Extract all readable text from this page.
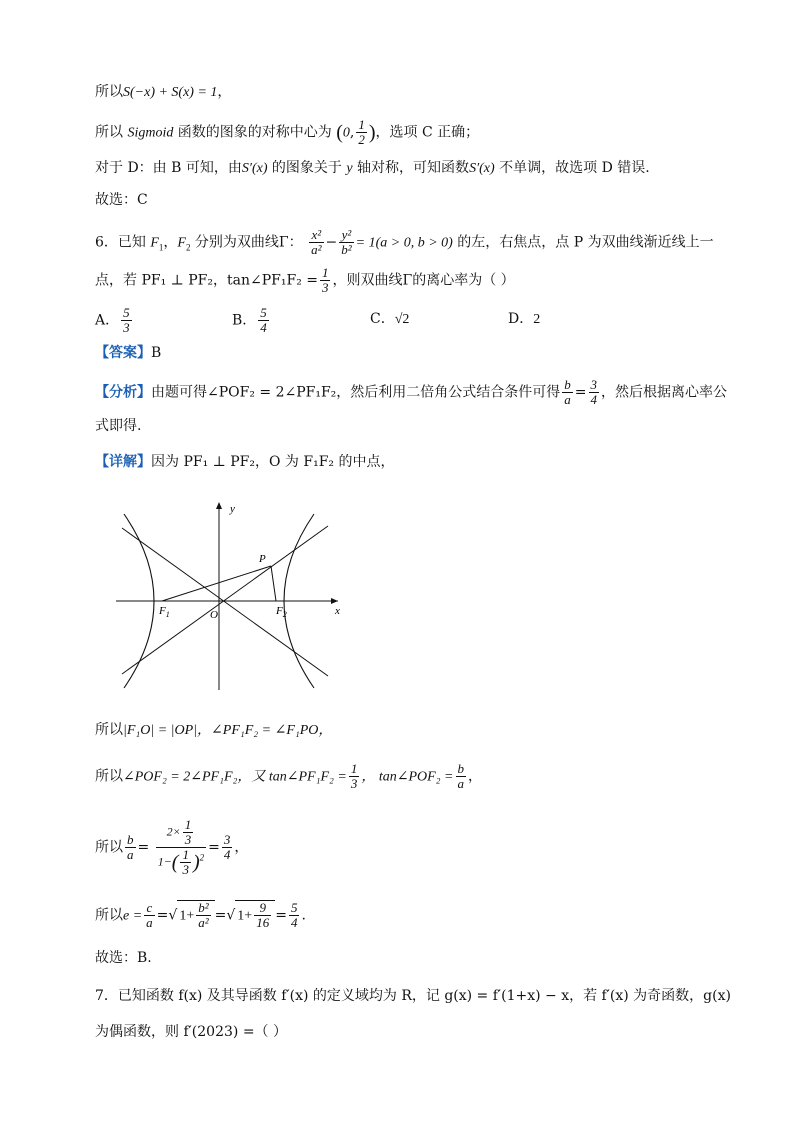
所以S(−x) + S(x) = 1，
所以 Sigmoid 函数的图象的对称中心为 (0, $\frac{1}{2}$ )，选项 C 正确；
对于 D：由 B 可知，由S′(x) 的图象关于 y 轴对称，可知函数S′(x) 不单调，故选项 D 错误.
故选：C
6．已知 $F_1$，$F_2$ 分别为双曲线Γ： $\frac{\text{x²}}{\text{a²}} - \frac{\text{y²}}{\text{b²}} = 1(a > 0$, b > 0) 的左，右焦点，点 P 为双曲线渐近线上一
点，若 PF₁ ⊥ PF₂，tan∠PF₁F₂ = $\frac{1}{3}$ ，则双曲线Γ的离心率为（ ）
A． $\frac{5}{3}$	B． $\frac{5}{4}$	C．√2	D．2
【答案】B
【分析】由题可得∠POF₂ = 2∠PF₁F₂，然后利用二倍角公式结合条件可得 $\frac{b}{a} = \frac{3}{4}$ ，然后根据离心率公
式即得.
【详解】因为 PF₁ ⊥ PF₂，O 为 F₁F₂ 的中点，
y
x
P
O
$F_1$	$F_2$
所以|F₁O| = |OP|，∠PF₁F₂ = ∠F₁PO，
所以∠POF₂ = 2∠PF₁F₂，又 tan∠PF₁F₂ = $\frac{1}{3}$ ， tan∠POF₂ = $\frac{b}{a}$ ，
所以 $\frac{b}{a} = \frac{2\times \frac{1}{3}}{1-( \frac{1}{3} )^2} = \frac{3}{4}$ ，
所以$e = \frac{c}{a}$ =√ $1+ \frac{\text{b²}}{\text{a²}}$ =√ $1+ \frac{9}{16} = \frac{5}{4}$ .
故选：B.
7．已知函数 f(x) 及其导函数 f′(x) 的定义域均为 R，记 g(x) = f′(1+x) − x，若 f′(x) 为奇函数，g(x)
为偶函数，则 f′(2023) =（ ）
